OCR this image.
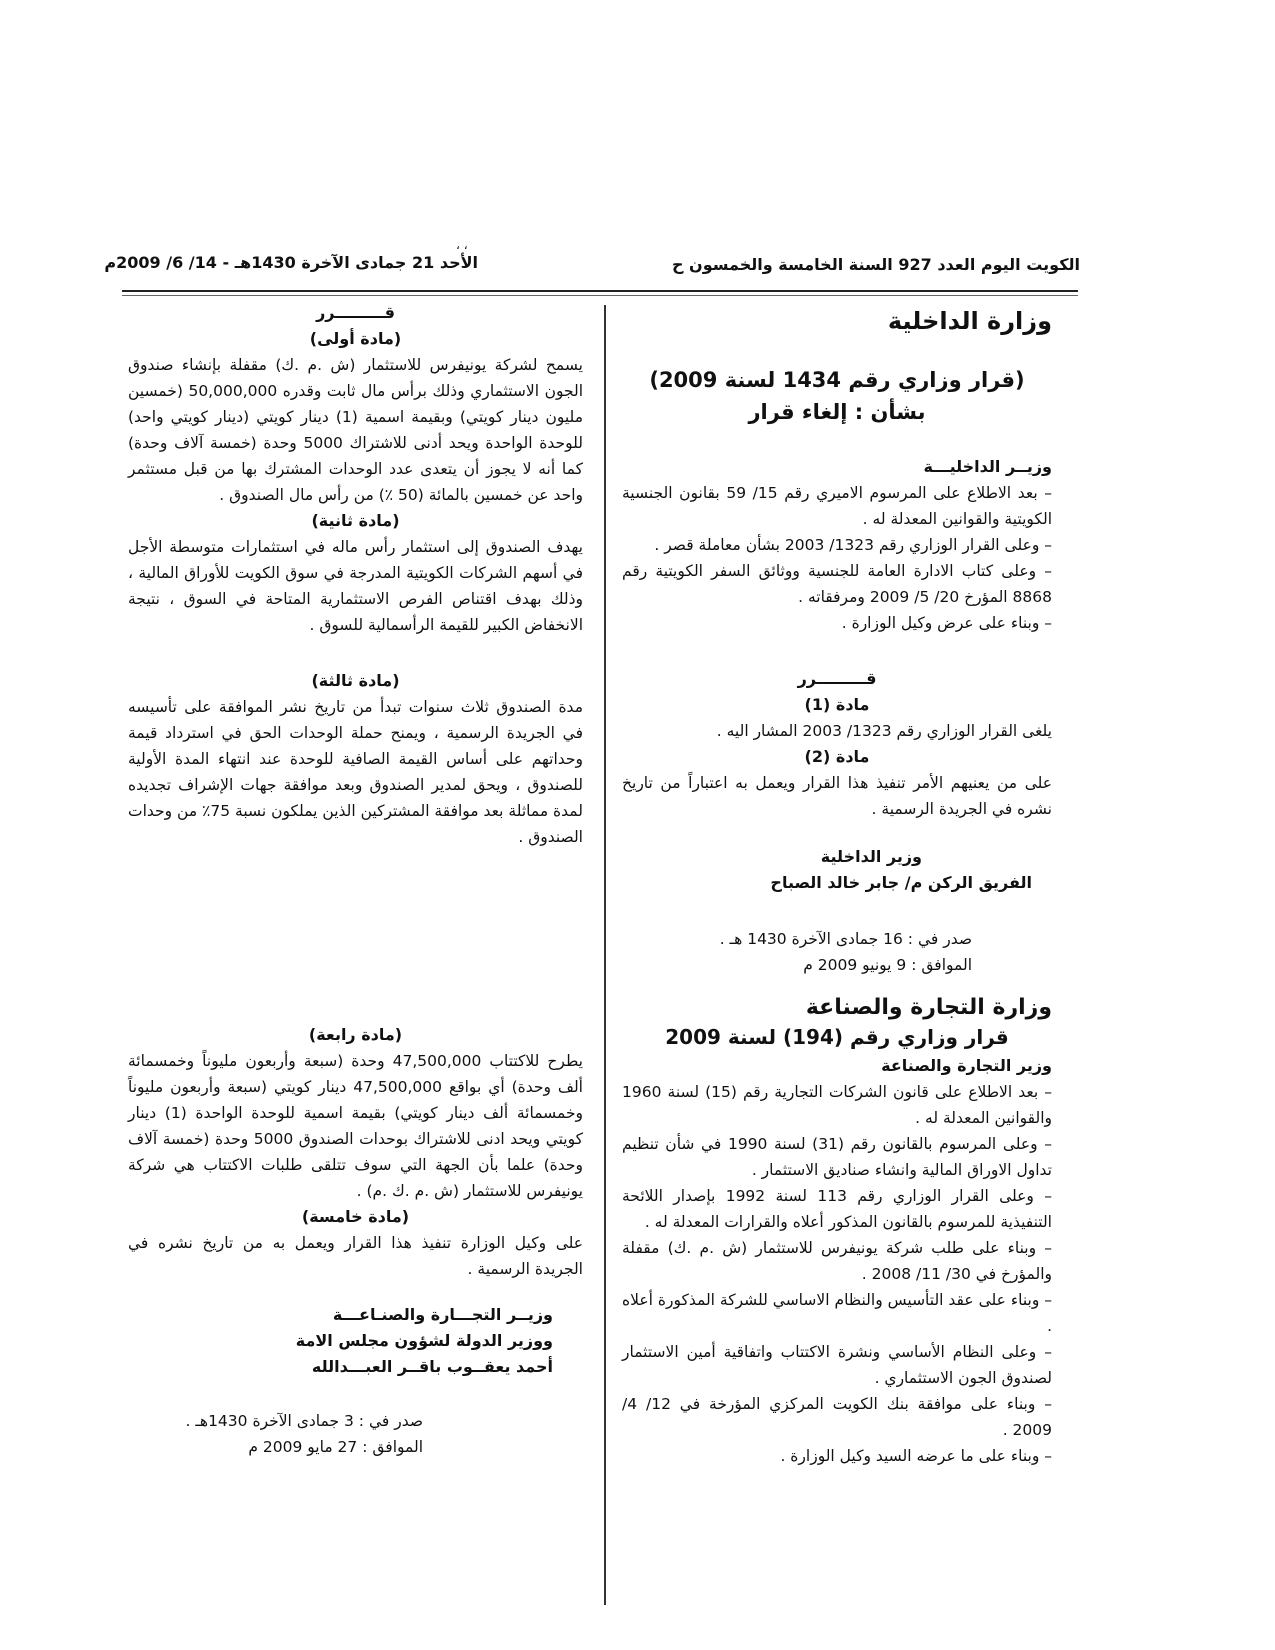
الكويت اليوم العدد 927 السنة الخامسة والخمسون ح
، ،
الأحد 21 جمادى الآخرة 1430هـ - 14/ 6/ 2009م
وزارة الداخلية
(قرار وزاري رقم 1434 لسنة 2009)
بشأن : إلغاء قرار
وزيــر الداخليـــة

– بعد الاطلاع على المرسوم الاميري رقم 15/ 59 بقانون الجنسية الكويتية والقوانين المعدلة له .

– وعلى القرار الوزاري رقم 1323/ 2003 بشأن معاملة قصر .

– وعلى كتاب الادارة العامة للجنسية ووثائق السفر الكويتية رقم 8868 المؤرخ 20/ 5/ 2009 ومرفقاته .

– وبناء على عرض وكيل الوزارة .

قـــــــــرر
مادة (1)

يلغى القرار الوزاري رقم 1323/ 2003 المشار اليه .

مادة (2)

على من يعنيهم الأمر تنفيذ هذا القرار ويعمل به اعتباراً من تاريخ نشره في الجريدة الرسمية .

وزير الداخلية
الفريق الركن م/ جابر خالد الصباح
صدر في : 16 جمادى الآخرة 1430 هـ .
الموافق : 9 يونيو 2009 م
وزارة التجارة والصناعة
قرار وزاري رقم (194) لسنة 2009
وزير التجارة والصناعة

– بعد الاطلاع على قانون الشركات التجارية رقم (15) لسنة 1960 والقوانين المعدلة له .

– وعلى المرسوم بالقانون رقم (31) لسنة 1990 في شأن تنظيم تداول الاوراق المالية وانشاء صناديق الاستثمار .

– وعلى القرار الوزاري رقم 113 لسنة 1992 بإصدار اللائحة التنفيذية للمرسوم بالقانون المذكور أعلاه والقرارات المعدلة له .

– وبناء على طلب شركة يونيفرس للاستثمار (ش .م .ك) مقفلة والمؤرخ في 30/ 11/ 2008 .

– وبناء على عقد التأسيس والنظام الاساسي للشركة المذكورة أعلاه .

– وعلى النظام الأساسي ونشرة الاكتتاب واتفاقية أمين الاستثمار لصندوق الجون الاستثماري .

– وبناء على موافقة بنك الكويت المركزي المؤرخة في 12/ 4/ 2009 .

– وبناء على ما عرضه السيد وكيل الوزارة .

قـــــــــرر
(مادة أولى)

يسمح لشركة يونيفرس للاستثمار (ش .م .ك) مقفلة بإنشاء صندوق الجون الاستثماري وذلك برأس مال ثابت وقدره 50,000,000 (خمسين مليون دينار كويتي) وبقيمة اسمية (1) دينار كويتي (دينار كويتي واحد) للوحدة الواحدة ويحد أدنى للاشتراك 5000 وحدة (خمسة آلاف وحدة) كما أنه لا يجوز أن يتعدى عدد الوحدات المشترك بها من قبل مستثمر واحد عن خمسين بالمائة (50 ٪) من رأس مال الصندوق .

(مادة ثانية)

يهدف الصندوق إلى استثمار رأس ماله في استثمارات متوسطة الأجل في أسهم الشركات الكويتية المدرجة في سوق الكويت للأوراق المالية ، وذلك بهدف اقتناص الفرص الاستثمارية المتاحة في السوق ، نتيجة الانخفاض الكبير للقيمة الرأسمالية للسوق .

(مادة ثالثة)

مدة الصندوق ثلاث سنوات تبدأ من تاريخ نشر الموافقة على تأسيسه في الجريدة الرسمية ، ويمنح حملة الوحدات الحق في استرداد قيمة وحداتهم على أساس القيمة الصافية للوحدة عند انتهاء المدة الأولية للصندوق ، ويحق لمدير الصندوق وبعد موافقة جهات الإشراف تجديده لمدة مماثلة بعد موافقة المشتركين الذين يملكون نسبة 75٪ من وحدات الصندوق .

(مادة رابعة)

يطرح للاكتتاب 47,500,000 وحدة (سبعة وأربعون مليوناً وخمسمائة ألف وحدة) أي بواقع 47,500,000 دينار كويتي (سبعة وأربعون مليوناً وخمسمائة ألف دينار كويتي) بقيمة اسمية للوحدة الواحدة (1) دينار كويتي ويحد ادنى للاشتراك بوحدات الصندوق 5000 وحدة (خمسة آلاف وحدة) علما بأن الجهة التي سوف تتلقى طلبات الاكتتاب هي شركة يونيفرس للاستثمار (ش .م .ك .م) .

(مادة خامسة)

على وكيل الوزارة تنفيذ هذا القرار ويعمل به من تاريخ نشره في الجريدة الرسمية .

وزيــر التجـــارة والصنـاعـــة
ووزير الدولة لشؤون مجلس الامة
أحمد يعقــوب باقــر العبـــدالله
صدر في : 3 جمادى الآخرة 1430هـ .
الموافق : 27 مايو 2009 م
